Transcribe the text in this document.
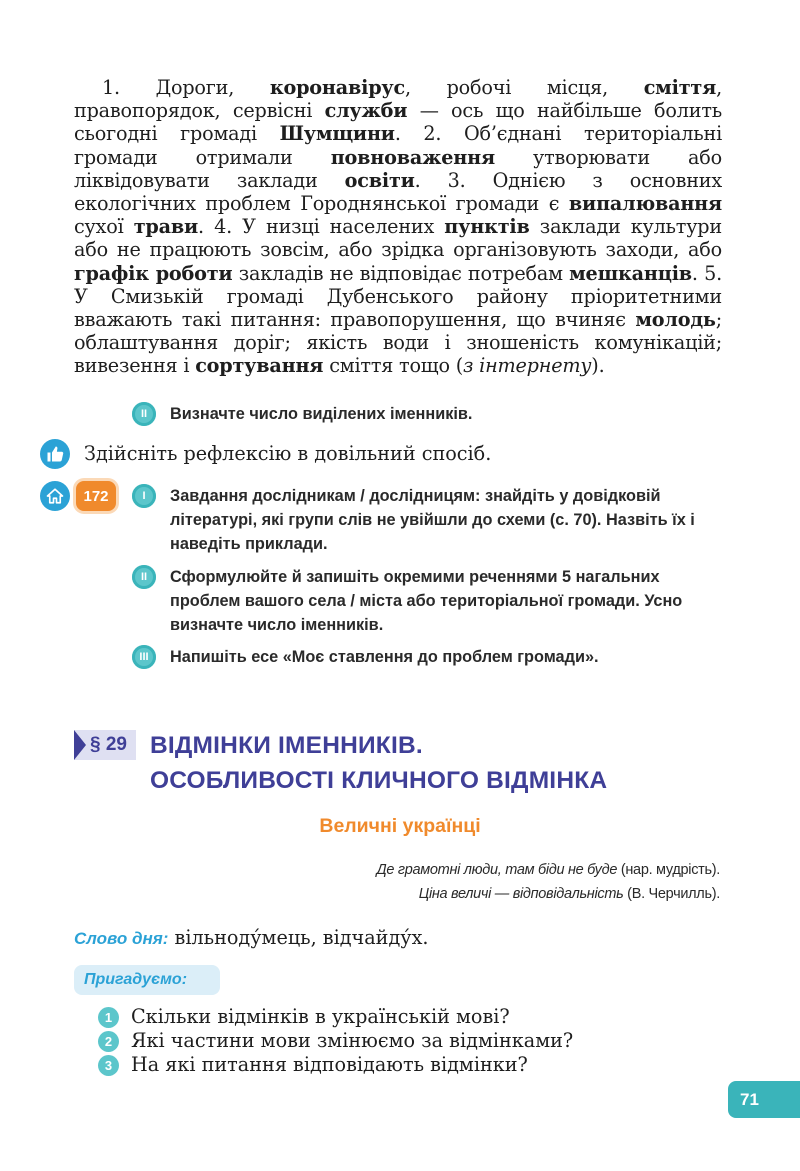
1. Дороги, коронавірус, робочі місця, сміття, правопорядок, сервісні служби — ось що найбільше болить сьогодні громаді Шумщини. 2. Об’єднані територіальні громади отримали повноваження утворювати або ліквідовувати заклади освіти. 3. Однією з основних екологічних проблем Городнянської громади є випалювання сухої трави. 4. У низці населених пунктів заклади культури або не працюють зовсім, або зрідка організовують заходи, або графік роботи закладів не відповідає потребам мешканців. 5. У Смизькій громаді Дубенського району пріоритетними вважають такі питання: правопорушення, що вчиняє молодь; облаштування доріг; якість води і зношеність комунікацій; вивезення і сортування сміття тощо (з інтернету).
II	Визначте число виділених іменників.
Здійсніть рефлексію в довільний спосіб.
172	I	Завдання дослідникам / дослідницям: знайдіть у довідковій літературі, які групи слів не увійшли до схеми (с. 70). Назвіть їх і наведіть приклади.
II	Сформулюйте й запишіть окремими реченнями 5 нагальних проблем вашого села / міста або територіальної громади. Усно визначте число іменників.
III	Напишіть есе «Моє ставлення до проблем громади».
§ 29 ВІДМІНКИ ІМЕННИКІВ.
ОСОБЛИВОСТІ КЛИЧНОГО ВІДМІНКА
Величні українці
Де грамотні люди, там біди не буде (нар. мудрість).
Ціна величі — відповідальність (В. Черчилль).
Слово дня: вільноду́мець, відчайду́х.
Пригадуємо:
1 Скільки відмінків в українській мові?
2 Які частини мови змінюємо за відмінками?
3 На які питання відповідають відмінки?
71
